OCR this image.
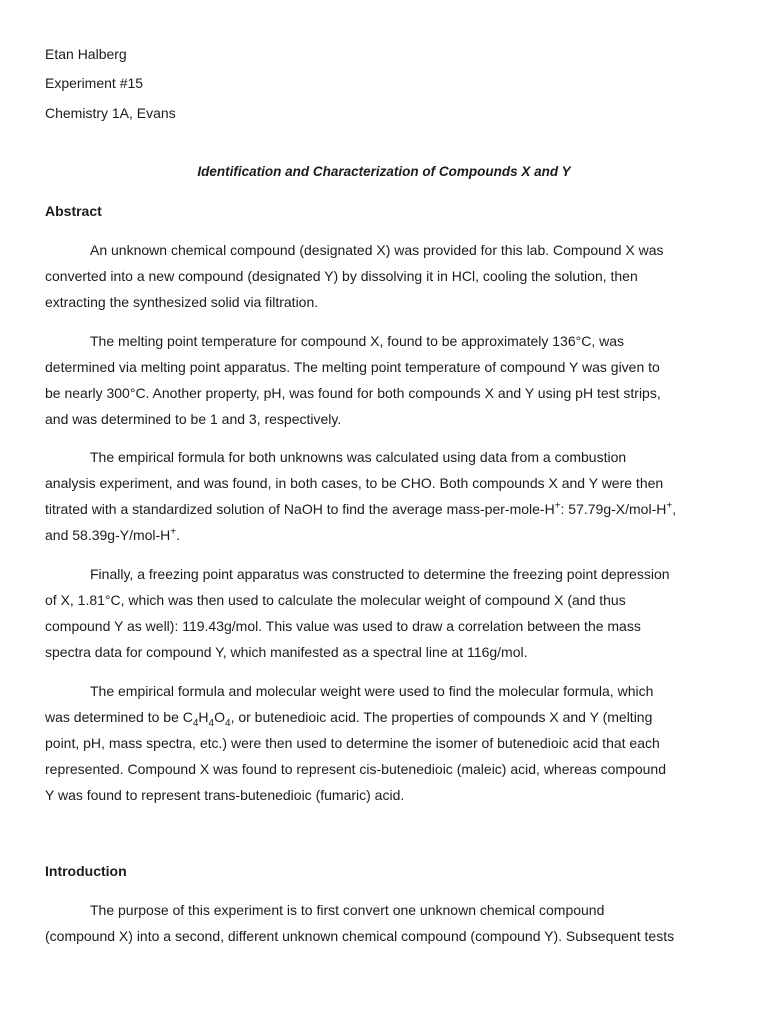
Etan Halberg
Experiment #15
Chemistry 1A, Evans
Identification and Characterization of Compounds X and Y
Abstract
An unknown chemical compound (designated X) was provided for this lab. Compound X was
converted into a new compound (designated Y) by dissolving it in HCl, cooling the solution, then
extracting the synthesized solid via filtration.
The melting point temperature for compound X, found to be approximately 136°C, was
determined via melting point apparatus. The melting point temperature of compound Y was given to
be nearly 300°C. Another property, pH, was found for both compounds X and Y using pH test strips,
and was determined to be 1 and 3, respectively.
The empirical formula for both unknowns was calculated using data from a combustion
analysis experiment, and was found, in both cases, to be CHO. Both compounds X and Y were then
titrated with a standardized solution of NaOH to find the average mass-per-mole-H+: 57.79g-X/mol-H+,
and 58.39g-Y/mol-H+.
Finally, a freezing point apparatus was constructed to determine the freezing point depression
of X, 1.81°C, which was then used to calculate the molecular weight of compound X (and thus
compound Y as well): 119.43g/mol. This value was used to draw a correlation between the mass
spectra data for compound Y, which manifested as a spectral line at 116g/mol.
The empirical formula and molecular weight were used to find the molecular formula, which
was determined to be $C_4H_4O_4$, or butenedioic acid. The properties of compounds X and Y (melting
point, pH, mass spectra, etc.) were then used to determine the isomer of butenedioic acid that each
represented. Compound X was found to represent cis-butenedioic (maleic) acid, whereas compound
Y was found to represent trans-butenedioic (fumaric) acid.
Introduction
The purpose of this experiment is to first convert one unknown chemical compound
(compound X) into a second, different unknown chemical compound (compound Y). Subsequent tests
